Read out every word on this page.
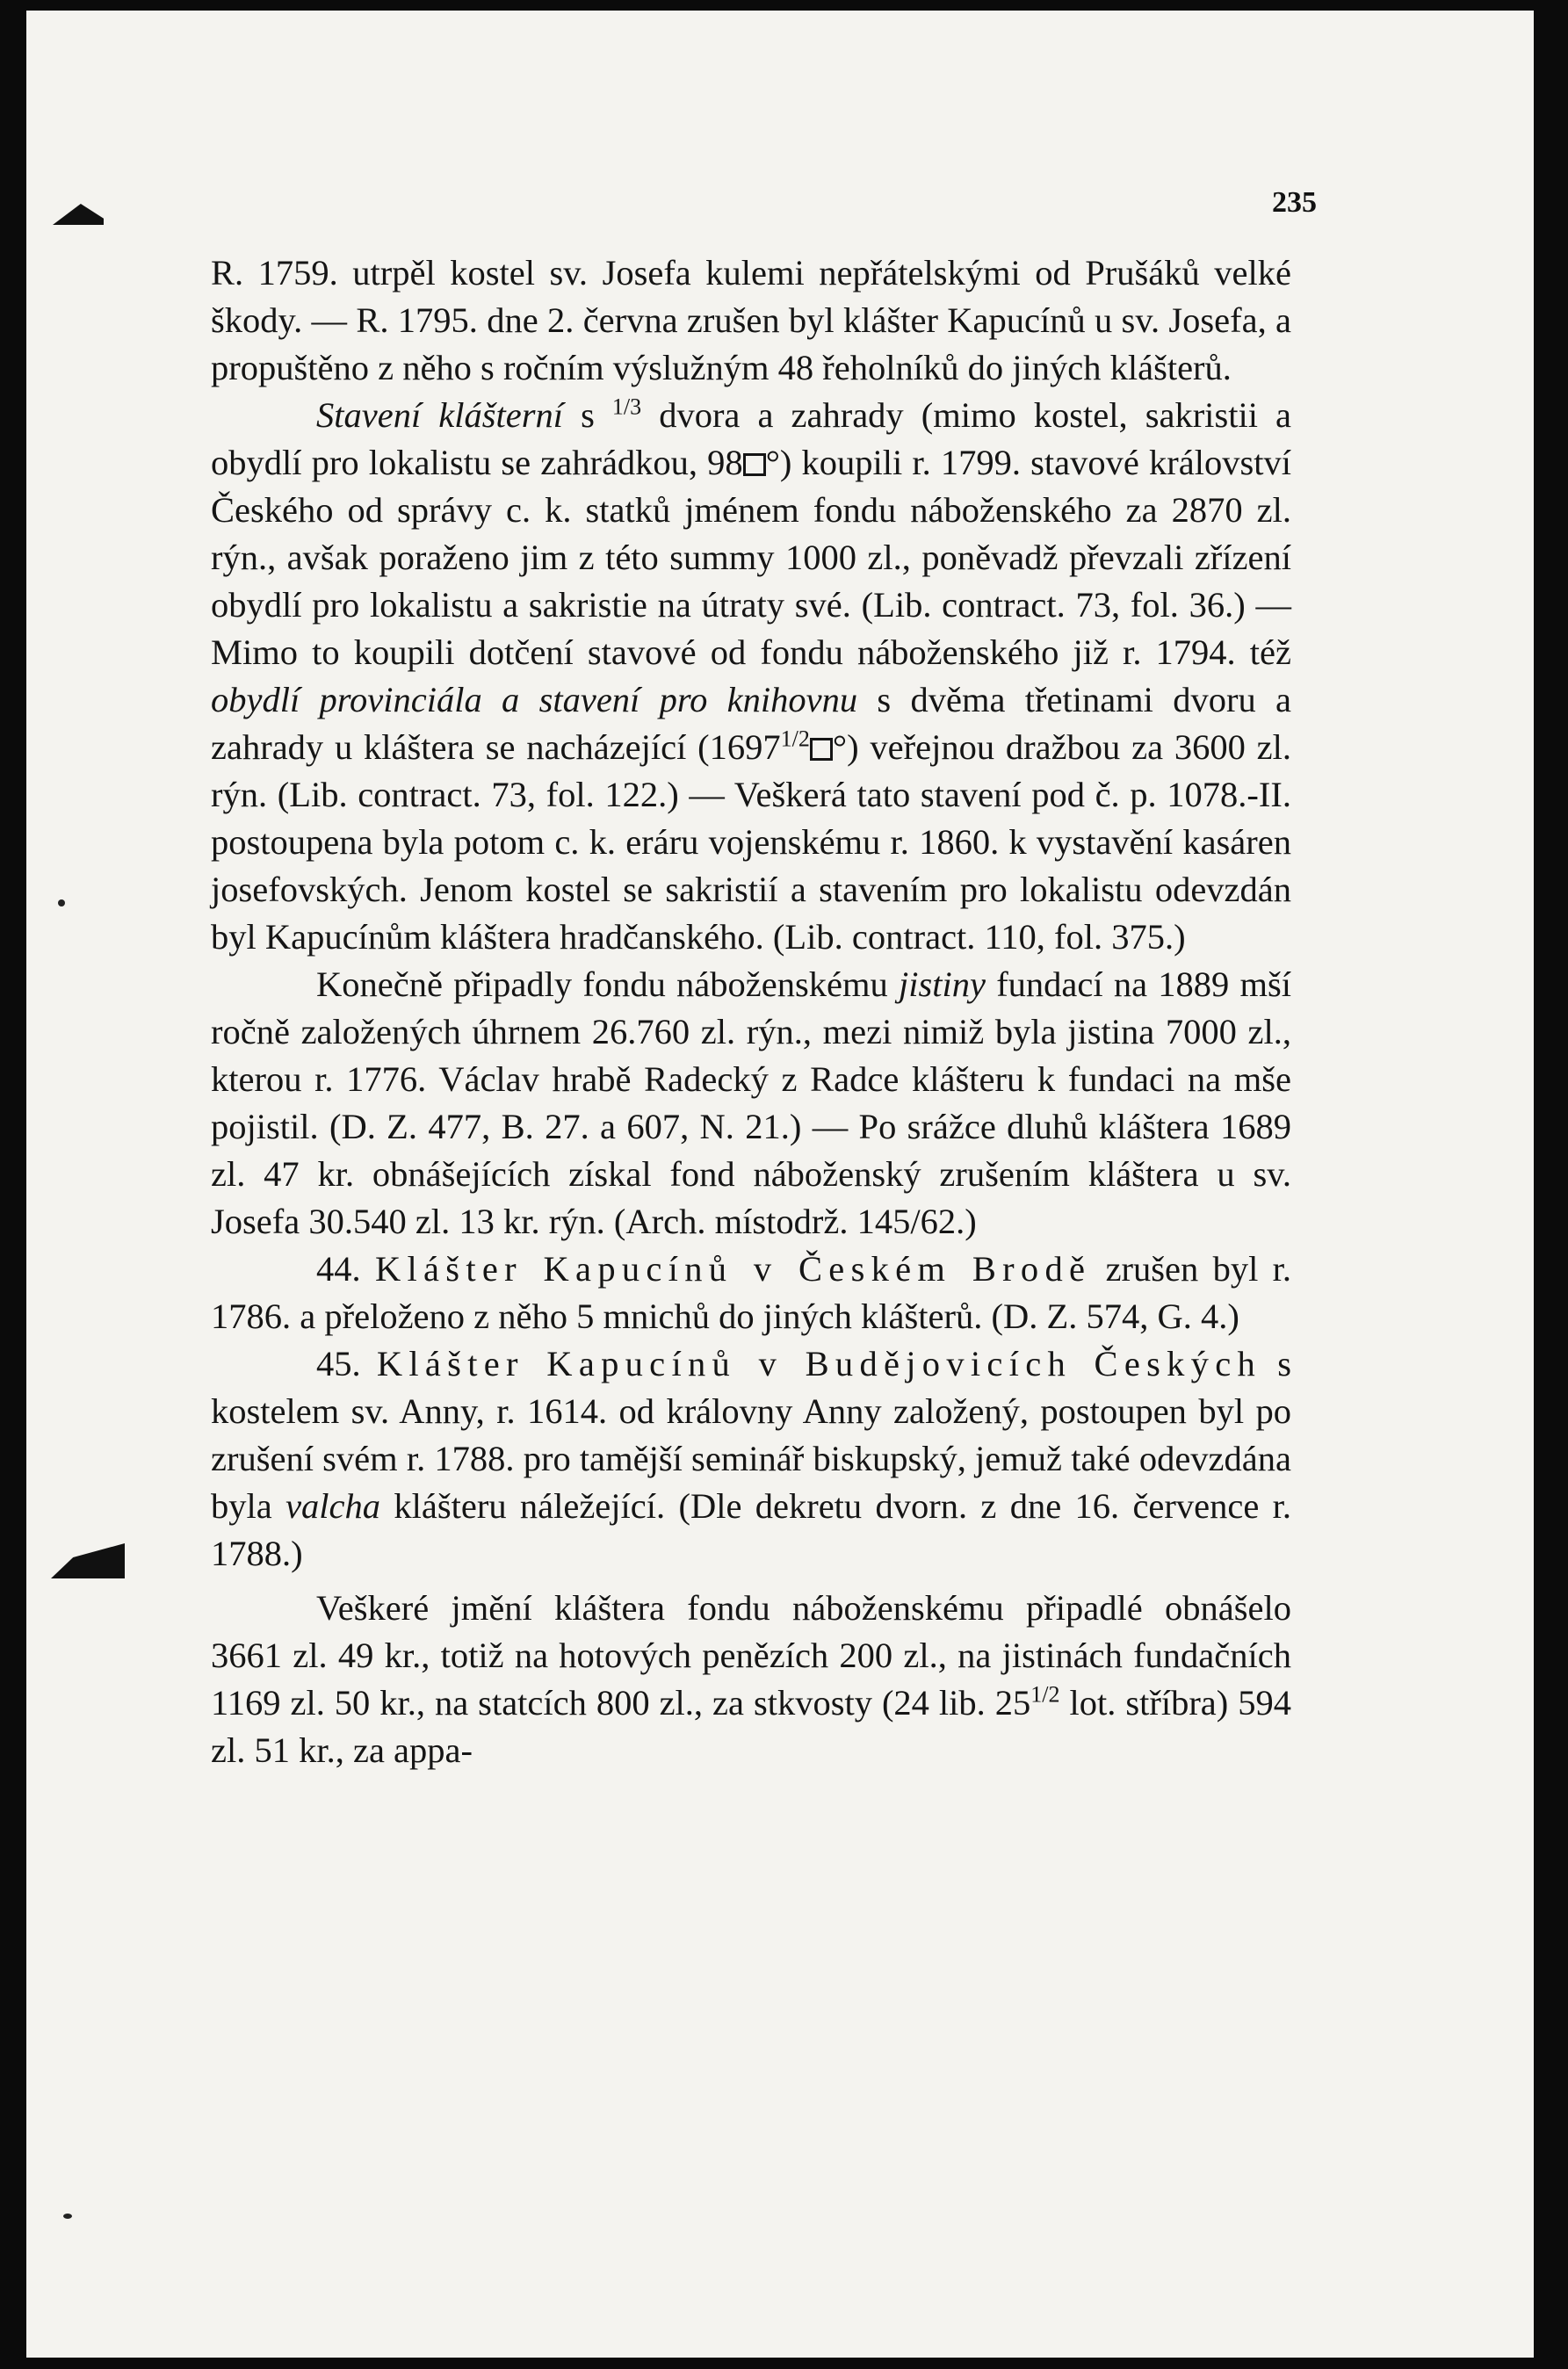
235

R. 1759. utrpěl kostel sv. Josefa kulemi nepřátelskými od Prušáků velké škody. — R. 1795. dne 2. června zrušen byl klášter Kapucínů u sv. Josefa, a propuštěno z něho s ročním výslužným 48 řeholníků do jiných klášterů.

Stavení klášterní s $^{1/3}$ dvora a zahrady (mimo kostel, sakristii a obydlí pro lokalistu se zahrádkou, 98 °) koupili r. 1799. stavové království Českého od správy c. k. statků jménem fondu náboženského za 2870 zl. rýn., avšak poraženo jim z této summy 1000 zl., poněvadž převzali zřízení obydlí pro lokalistu a sakristie na útraty své. (Lib. contract. 73, fol. 36.) — Mimo to koupili dotčení stavové od fondu náboženského již r. 1794. též obydlí provinciála a stavení pro knihovnu s dvěma třetinami dvoru a zahrady u kláštera se nacházející ($1697^{1/2}$ °) veřejnou dražbou za 3600 zl. rýn. (Lib. contract. 73, fol. 122.) — Veškerá tato stavení pod č. p. 1078.-II. postoupena byla potom c. k. eráru vojenskému r. 1860. k vystavění kasáren josefovských. Jenom kostel se sakristií a stavením pro lokalistu odevzdán byl Kapucínům kláštera hradčanského. (Lib. contract. 110, fol. 375.)

Konečně připadly fondu náboženskému jistiny fundací na 1889 mší ročně založených úhrnem 26.760 zl. rýn., mezi nimiž byla jistina 7000 zl., kterou r. 1776. Václav hrabě Radecký z Radce klášteru k fundaci na mše pojistil. (D. Z. 477, B. 27. a 607, N. 21.) — Po srážce dluhů kláštera 1689 zl. 47 kr. obnášejících získal fond náboženský zrušením kláštera u sv. Josefa 30.540 zl. 13 kr. rýn. (Arch. místodrž. 145/62.)

44. Klášter Kapucínů v Českém Brodě zrušen byl r. 1786. a přeloženo z něho 5 mnichů do jiných klášterů. (D. Z. 574, G. 4.)

45. Klášter Kapucínů v Budějovicích Českých s kostelem sv. Anny, r. 1614. od královny Anny založený, postoupen byl po zrušení svém r. 1788. pro tamější seminář biskupský, jemuž také odevzdána byla valcha klášteru náležející. (Dle dekretu dvorn. z dne 16. července r. 1788.)

Veškeré jmění kláštera fondu náboženskému připadlé obnášelo 3661 zl. 49 kr., totiž na hotových penězích 200 zl., na jistinách fundačních 1169 zl. 50 kr., na statcích 800 zl., za stkvosty (24 lib. $25^{1/2}$ lot. stříbra) 594 zl. 51 kr., za appa-
